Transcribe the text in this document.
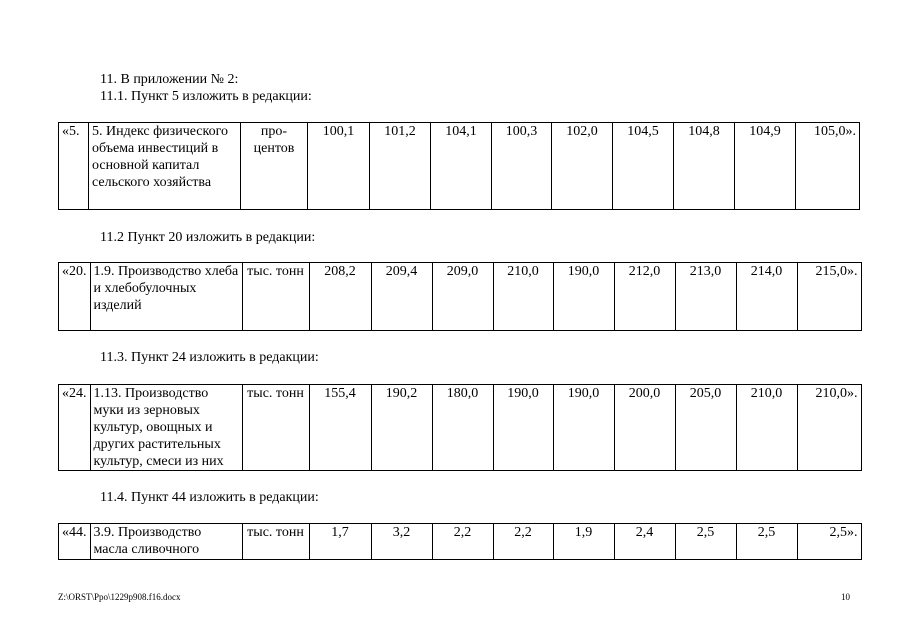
11. В приложении № 2:
11.1. Пункт 5 изложить в редакции:
«5.	5. Индекс физического объема инвестиций в основной капитал сельского хозяйства	про-центов	100,1	101,2	104,1	100,3	102,0	104,5	104,8	104,9	105,0».
11.2 Пункт 20 изложить в редакции:
«20.	1.9. Производство хлеба и хлебобулочных изделий	тыс. тонн	208,2	209,4	209,0	210,0	190,0	212,0	213,0	214,0	215,0».
11.3. Пункт 24 изложить в редакции:
«24.	1.13. Производство муки из зерновых культур, овощных и других растительных культур, смеси из них	тыс. тонн	155,4	190,2	180,0	190,0	190,0	200,0	205,0	210,0	210,0».
11.4. Пункт 44 изложить в редакции:
«44.	3.9. Производство масла сливочного	тыс. тонн	1,7	3,2	2,2	2,2	1,9	2,4	2,5	2,5	2,5».
Z:\ORST\Ppo\1229p908.f16.docx	10
